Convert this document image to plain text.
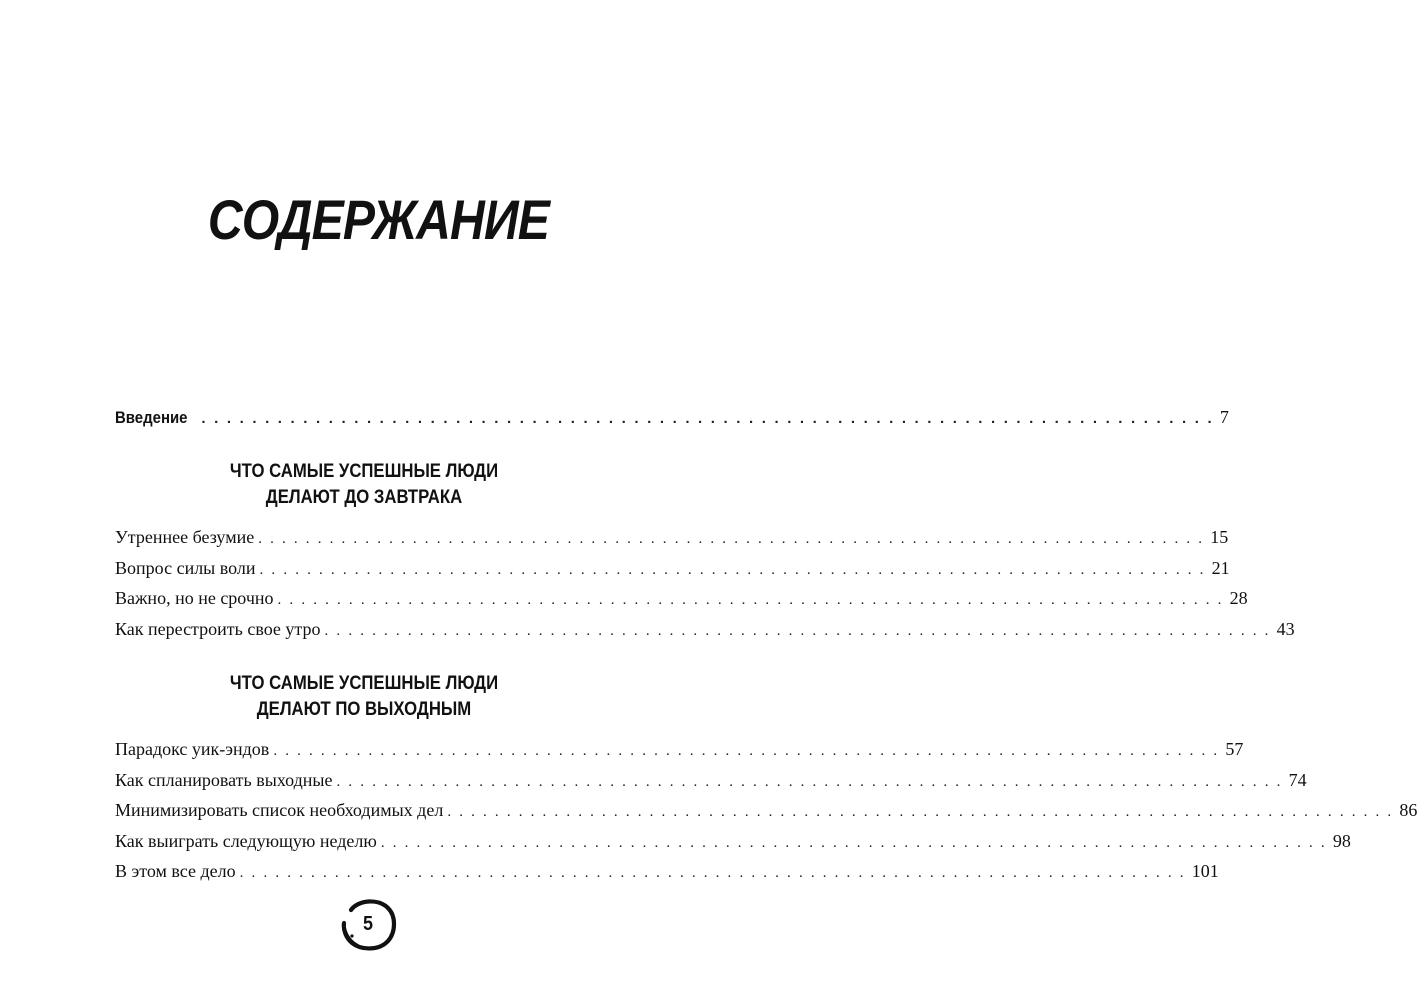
СОДЕРЖАНИЕ
Введение . . . . . . . . . . . . . . . . . . . . . . . . . . . . . . . . . . . . . . . . . . . . . . . . . . . . . . . . . . . . . . . . . . . . . . . . . . . . . . . . 7
ЧТО САМЫЕ УСПЕШНЫЕ ЛЮДИ
ДЕЛАЮТ ДО ЗАВТРАКА
Утреннее безумие . . . . . . . . . . . . . . . . . . . . . . . . . . . . . . . . . . . . . . . . . . . . . . . . . . . . . . . . . . . . . . . . . . . . . . . . . . . . . . . . 15
Вопрос силы воли . . . . . . . . . . . . . . . . . . . . . . . . . . . . . . . . . . . . . . . . . . . . . . . . . . . . . . . . . . . . . . . . . . . . . . . . . . . . . . . . 21
Важно, но не срочно . . . . . . . . . . . . . . . . . . . . . . . . . . . . . . . . . . . . . . . . . . . . . . . . . . . . . . . . . . . . . . . . . . . . . . . . . . . . . . . . 28
Как перестроить свое утро . . . . . . . . . . . . . . . . . . . . . . . . . . . . . . . . . . . . . . . . . . . . . . . . . . . . . . . . . . . . . . . . . . . . . . . . . . . . . . . . 43
ЧТО САМЫЕ УСПЕШНЫЕ ЛЮДИ
ДЕЛАЮТ ПО ВЫХОДНЫМ
Парадокс уик-эндов . . . . . . . . . . . . . . . . . . . . . . . . . . . . . . . . . . . . . . . . . . . . . . . . . . . . . . . . . . . . . . . . . . . . . . . . . . . . . . . . 57
Как спланировать выходные . . . . . . . . . . . . . . . . . . . . . . . . . . . . . . . . . . . . . . . . . . . . . . . . . . . . . . . . . . . . . . . . . . . . . . . . . . . . . . . . 74
Минимизировать список необходимых дел . . . . . . . . . . . . . . . . . . . . . . . . . . . . . . . . . . . . . . . . . . . . . . . . . . . . . . . . . . . . . . . . . . . . . . . . . . . . . . . . 86
Как выиграть следующую неделю . . . . . . . . . . . . . . . . . . . . . . . . . . . . . . . . . . . . . . . . . . . . . . . . . . . . . . . . . . . . . . . . . . . . . . . . . . . . . . . . 98
В этом все дело . . . . . . . . . . . . . . . . . . . . . . . . . . . . . . . . . . . . . . . . . . . . . . . . . . . . . . . . . . . . . . . . . . . . . . . . . . . . . . . . 101
5
